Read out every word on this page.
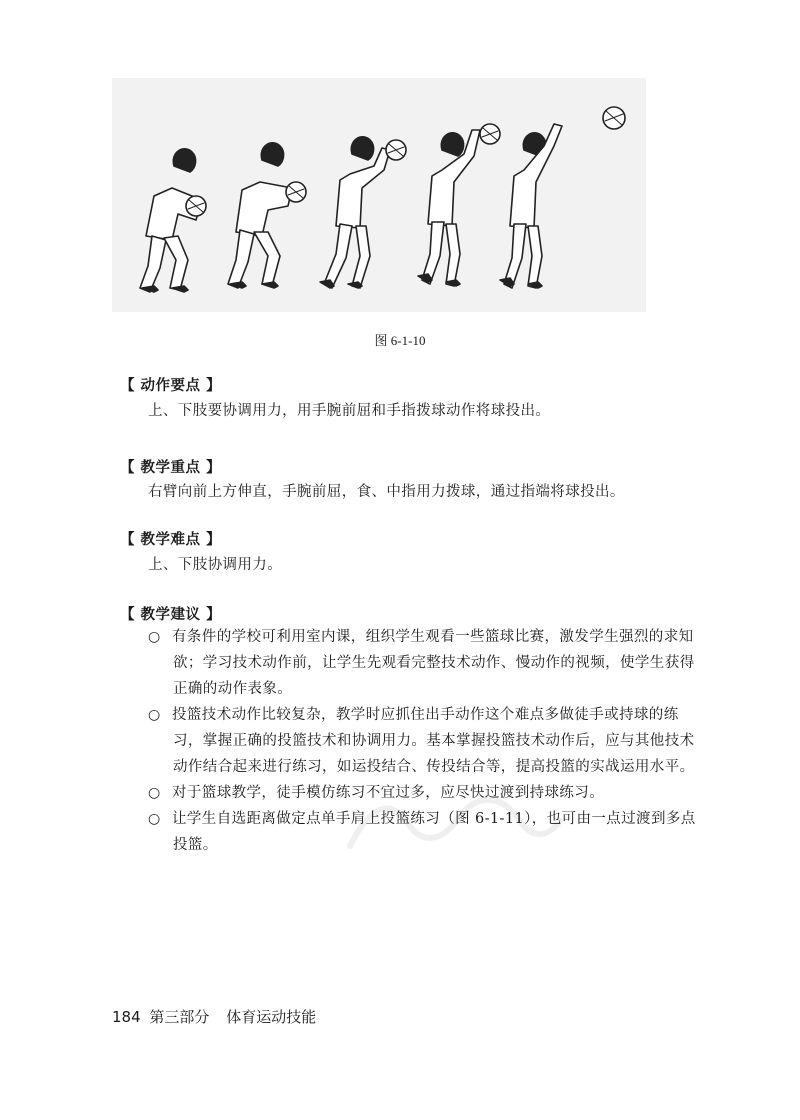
图 6-1-10
【 动作要点 】
上、下肢要协调用力，用手腕前屈和手指拨球动作将球投出。
【 教学重点 】
右臂向前上方伸直，手腕前屈，食、中指用力拨球，通过指端将球投出。
【 教学难点 】
上、下肢协调用力。
【 教学建议 】
○ 有条件的学校可利用室内课，组织学生观看一些篮球比赛，激发学生强烈的求知欲；学习技术动作前，让学生先观看完整技术动作、慢动作的视频，使学生获得正确的动作表象。
○ 投篮技术动作比较复杂，教学时应抓住出手动作这个难点多做徒手或持球的练习，掌握正确的投篮技术和协调用力。基本掌握投篮技术动作后，应与其他技术动作结合起来进行练习，如运投结合、传投结合等，提高投篮的实战运用水平。
○ 对于篮球教学，徒手模仿练习不宜过多，应尽快过渡到持球练习。
○ 让学生自选距离做定点单手肩上投篮练习（图 6-1-11），也可由一点过渡到多点投篮。
184 第三部分 体育运动技能
